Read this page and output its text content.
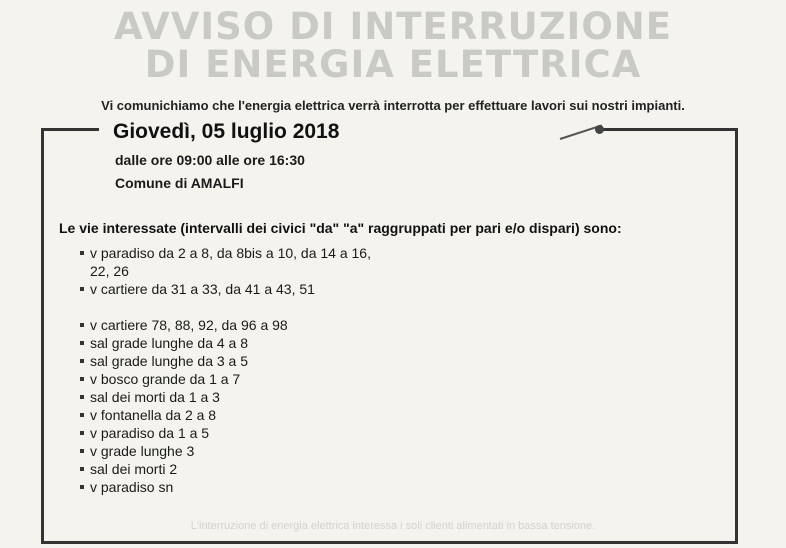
AVVISO DI INTERRUZIONE
DI ENERGIA ELETTRICA
Vi comunichiamo che l'energia elettrica verrà interrotta per effettuare lavori sui nostri impianti.
Giovedì, 05 luglio 2018
dalle ore 09:00 alle ore 16:30
Comune di AMALFI
Le vie interessate (intervalli dei civici "da" "a" raggruppati per pari e/o dispari) sono:
v paradiso da 2 a 8, da 8bis a 10, da 14 a 16, 22, 26
v cartiere da 31 a 33, da 41 a 43, 51
v cartiere 78, 88, 92, da 96 a 98
sal grade lunghe da 4 a 8
sal grade lunghe da 3 a 5
v bosco grande da 1 a 7
sal dei morti da 1 a 3
v fontanella da 2 a 8
v paradiso da 1 a 5
v grade lunghe 3
sal dei morti 2
v paradiso sn
L'interruzione di energia elettrica interessa i soli clienti alimentati in bassa tensione.
